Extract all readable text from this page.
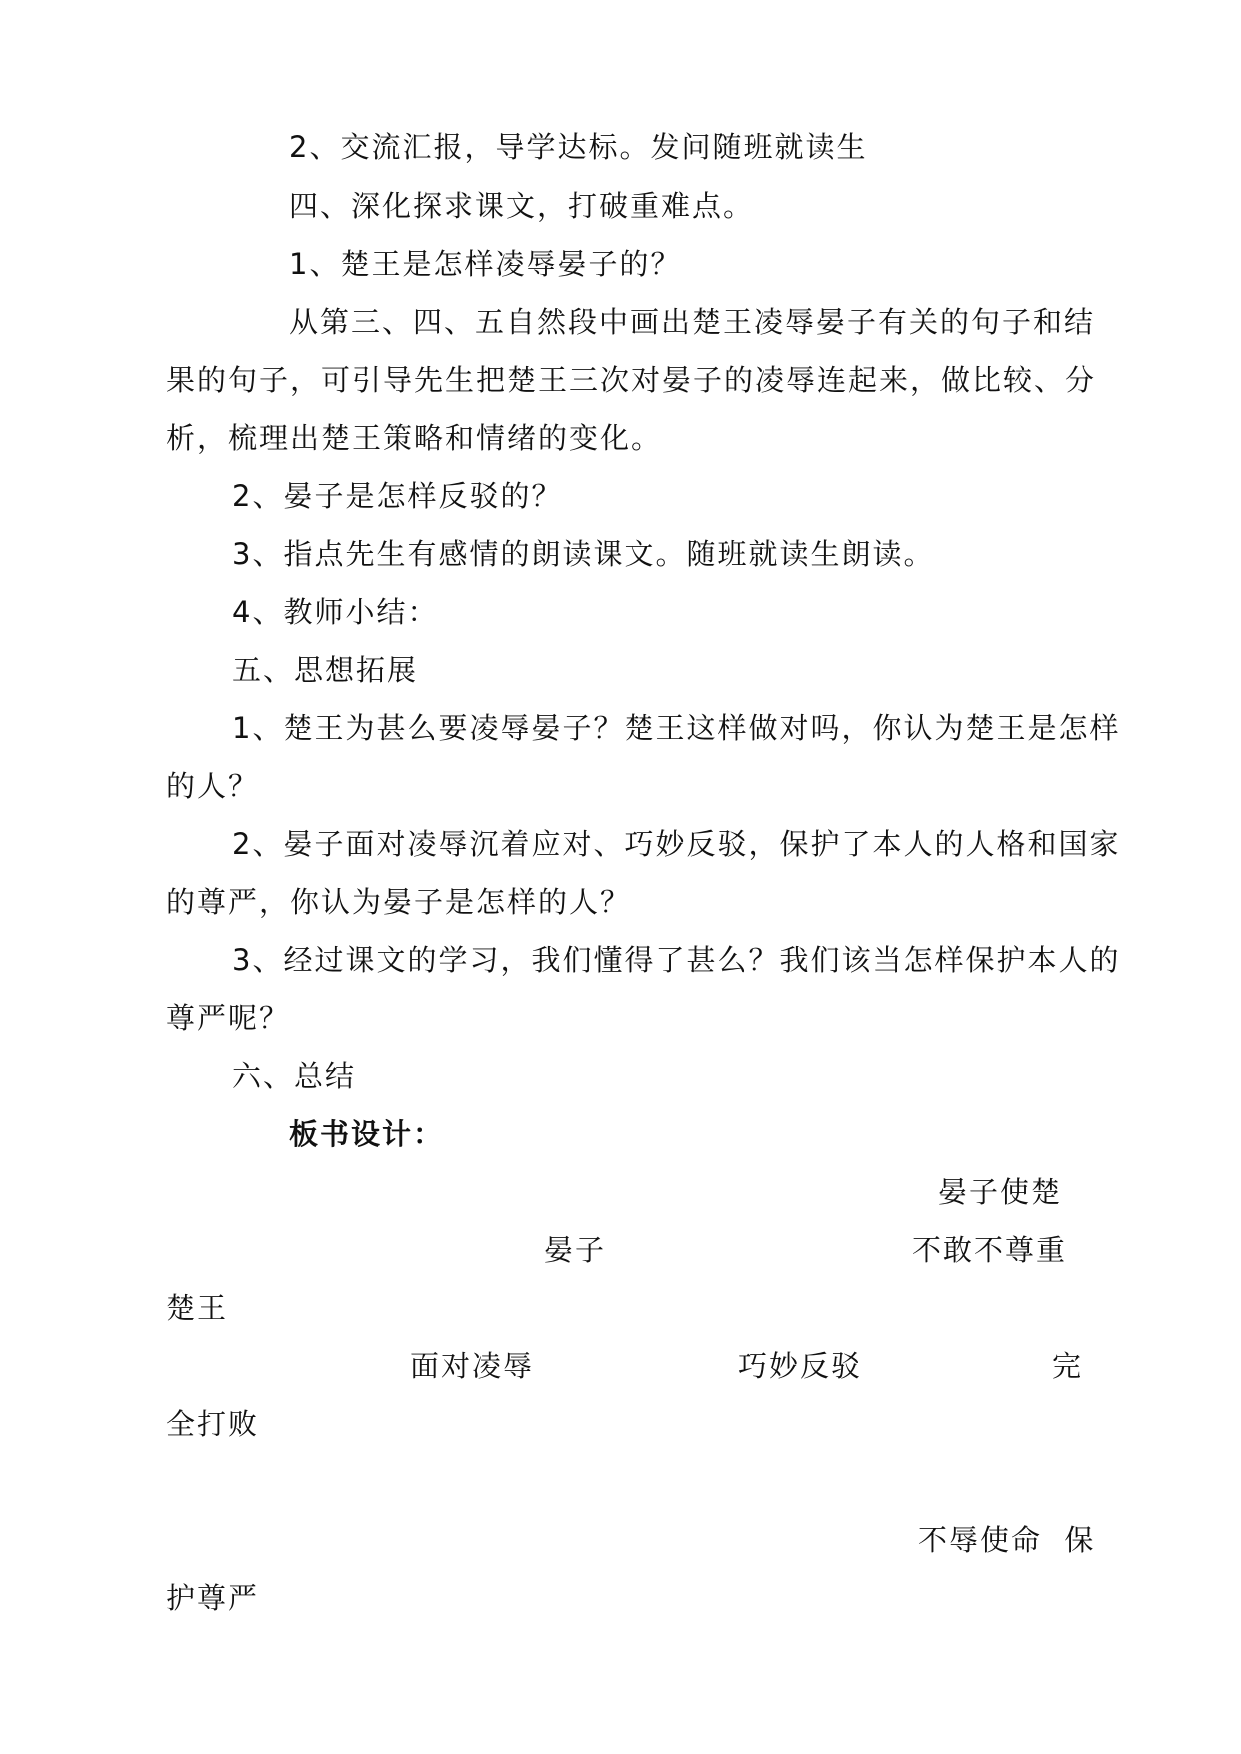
2、交流汇报，导学达标。发问随班就读生
四、深化探求课文，打破重难点。
1、楚王是怎样凌辱晏子的？
从第三、四、五自然段中画出楚王凌辱晏子有关的句子和结
果的句子，可引导先生把楚王三次对晏子的凌辱连起来，做比较、分
析，梳理出楚王策略和情绪的变化。
2、晏子是怎样反驳的？
3、指点先生有感情的朗读课文。随班就读生朗读。
4、教师小结：
五、思想拓展
1、楚王为甚么要凌辱晏子？楚王这样做对吗，你认为楚王是怎样
的人？
2、晏子面对凌辱沉着应对、巧妙反驳，保护了本人的人格和国家
的尊严，你认为晏子是怎样的人？
3、经过课文的学习，我们懂得了甚么？我们该当怎样保护本人的
尊严呢？
六、总结
板书设计：
晏子使楚
晏子	不敢不尊重
楚王
面对凌辱	巧妙反驳	完
全打败
不辱使命  保
护尊严
